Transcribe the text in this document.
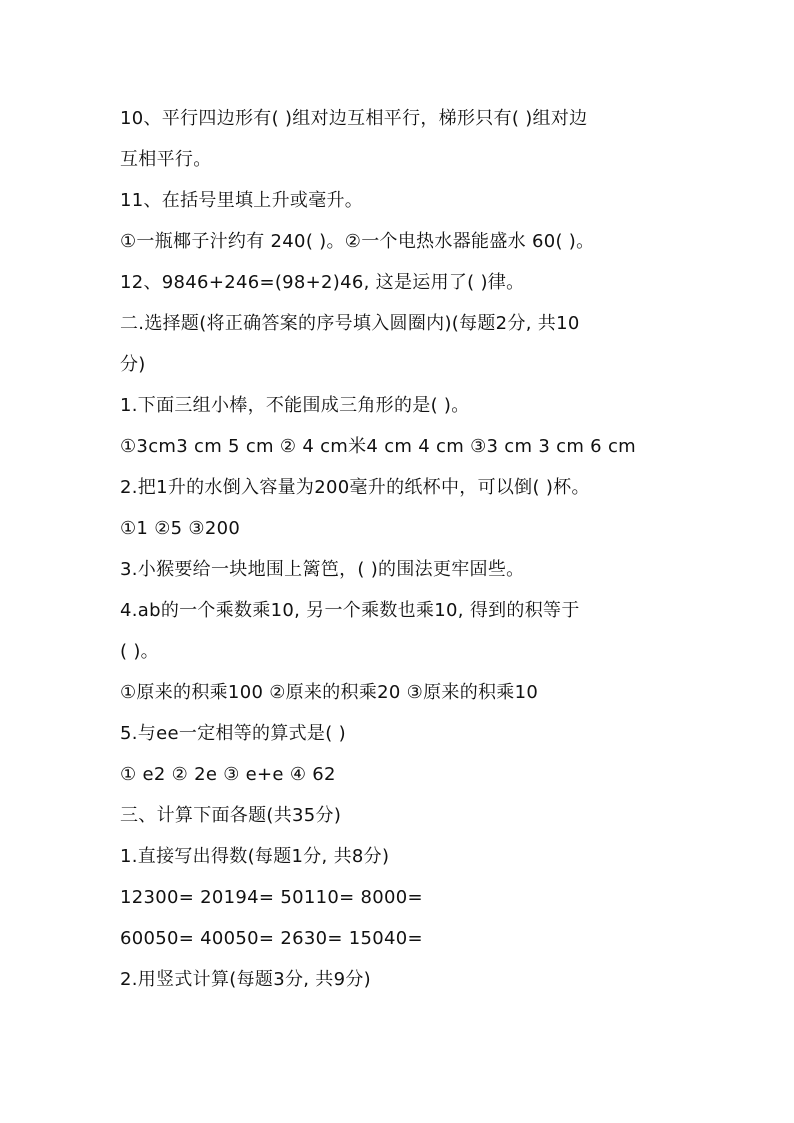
10、平行四边形有( )组对边互相平行，梯形只有( )组对边
互相平行。
11、在括号里填上升或毫升。
①一瓶椰子汁约有 240( )。②一个电热水器能盛水 60( )。
12、9846+246=(98+2)46, 这是运用了( )律。
二.选择题(将正确答案的序号填入圆圈内)(每题2分, 共10
分)
1.下面三组小棒，不能围成三角形的是( )。
①3cm3 cm 5 cm ② 4 cm米4 cm 4 cm ③3 cm 3 cm 6 cm
2.把1升的水倒入容量为200毫升的纸杯中，可以倒( )杯。
①1 ②5 ③200
3.小猴要给一块地围上篱笆，( )的围法更牢固些。
4.ab的一个乘数乘10, 另一个乘数也乘10, 得到的积等于
( )。
①原来的积乘100 ②原来的积乘20 ③原来的积乘10
5.与ee一定相等的算式是( )
① e2 ② 2e ③ e+e ④ 62
三、计算下面各题(共35分)
1.直接写出得数(每题1分, 共8分)
12300= 20194= 50110= 8000=
60050= 40050= 2630= 15040=
2.用竖式计算(每题3分, 共9分)
